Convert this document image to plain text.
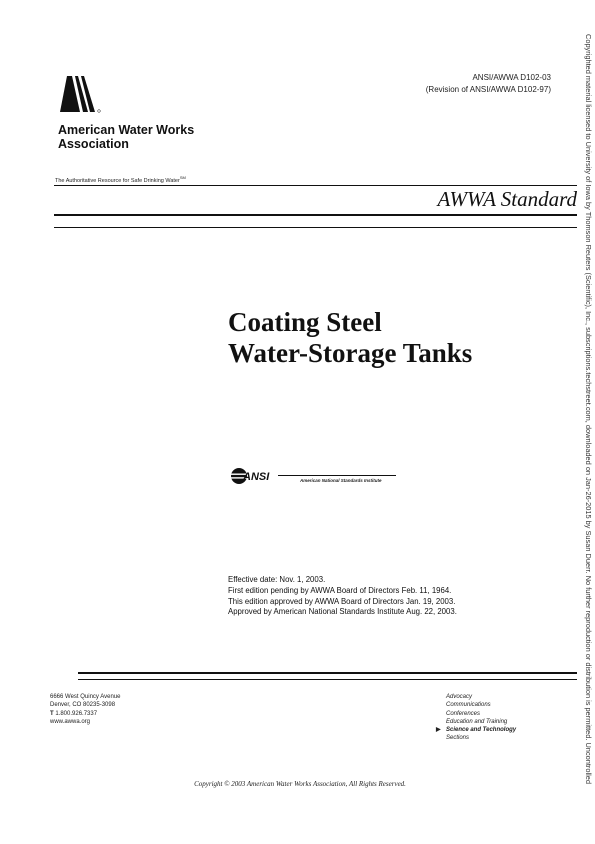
American Water Works
Association
The Authoritative Resource for Safe Drinking Water℠
ANSI/AWWA D102-03
(Revision of ANSI/AWWA D102-97)
AWWA Standard
Coating Steel
Water-Storage Tanks
ANSI	American National Standards Institute
Effective date: Nov. 1, 2003.
First edition pending by AWWA Board of Directors Feb. 11, 1964.
This edition approved by AWWA Board of Directors Jan. 19, 2003.
Approved by American National Standards Institute Aug. 22, 2003.
6666 West Quincy Avenue
Denver, CO 80235-3098
T 1.800.926.7337
www.awwa.org
Advocacy
Communications
Conferences
Education and Training
▶ Science and Technology
Sections
Copyright © 2003 American Water Works Association, All Rights Reserved.
Copyrighted material licensed to University of Iowa by Thomson Reuters (Scientific), Inc., subscriptions.techstreet.com, downloaded on Jan-26-2015 by Susan Duerr. No further reproduction or distribution is permitted. Uncontrolled
